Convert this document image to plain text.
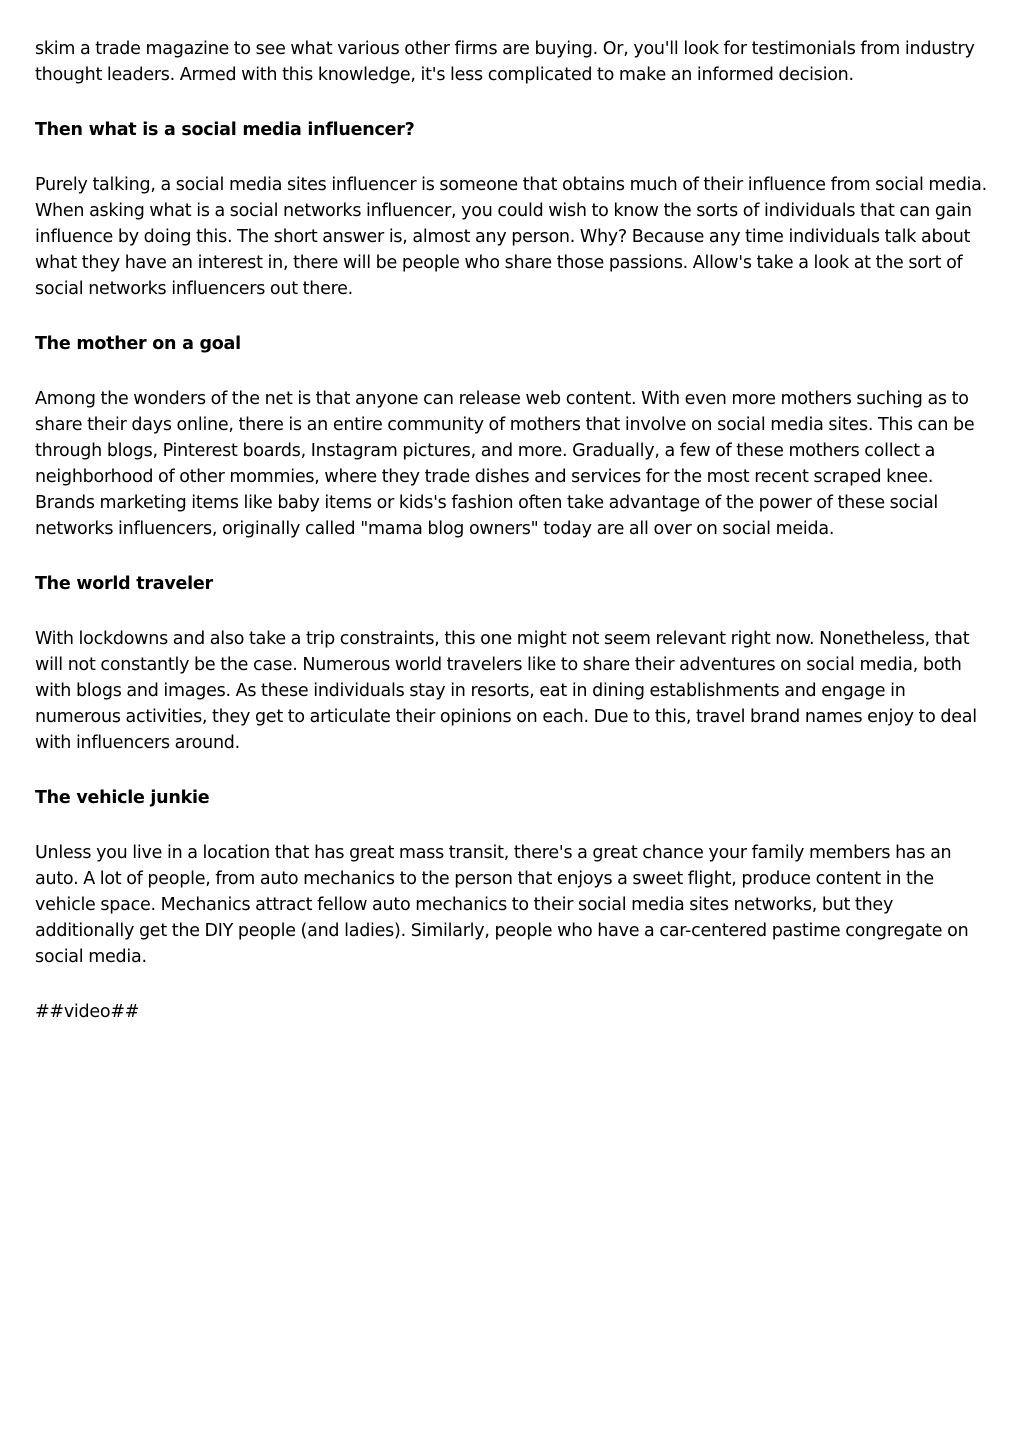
skim a trade magazine to see what various other firms are buying. Or, you'll look for testimonials from industry thought leaders. Armed with this knowledge, it's less complicated to make an informed decision.

Then what is a social media influencer?

Purely talking, a social media sites influencer is someone that obtains much of their influence from social media. When asking what is a social networks influencer, you could wish to know the sorts of individuals that can gain influence by doing this. The short answer is, almost any person. Why? Because any time individuals talk about what they have an interest in, there will be people who share those passions. Allow's take a look at the sort of social networks influencers out there.

The mother on a goal

Among the wonders of the net is that anyone can release web content. With even more mothers suching as to share their days online, there is an entire community of mothers that involve on social media sites. This can be through blogs, Pinterest boards, Instagram pictures, and more. Gradually, a few of these mothers collect a neighborhood of other mommies, where they trade dishes and services for the most recent scraped knee. Brands marketing items like baby items or kids's fashion often take advantage of the power of these social networks influencers, originally called "mama blog owners" today are all over on social meida.

The world traveler

With lockdowns and also take a trip constraints, this one might not seem relevant right now. Nonetheless, that will not constantly be the case. Numerous world travelers like to share their adventures on social media, both with blogs and images. As these individuals stay in resorts, eat in dining establishments and engage in numerous activities, they get to articulate their opinions on each. Due to this, travel brand names enjoy to deal with influencers around.

The vehicle junkie

Unless you live in a location that has great mass transit, there's a great chance your family members has an auto. A lot of people, from auto mechanics to the person that enjoys a sweet flight, produce content in the vehicle space. Mechanics attract fellow auto mechanics to their social media sites networks, but they additionally get the DIY people (and ladies). Similarly, people who have a car-centered pastime congregate on social media.

##video##
